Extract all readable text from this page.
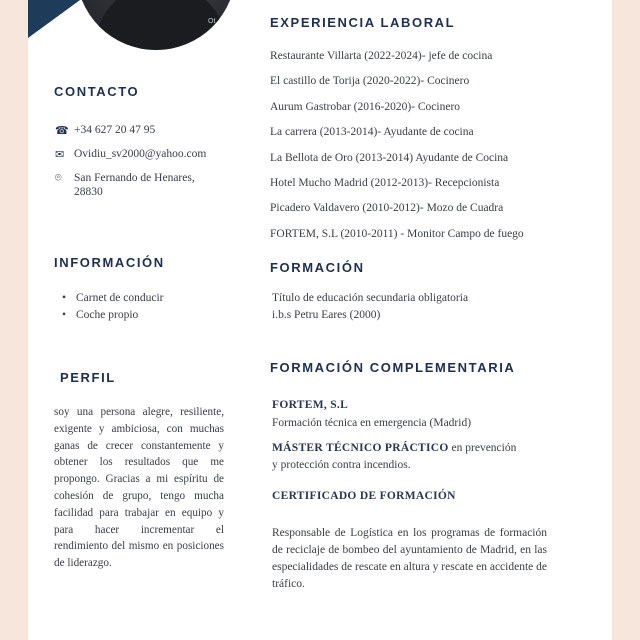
Ot
CONTACTO
☎ +34 627 20 47 95
✉ Ovidiu_sv2000@yahoo.com
⌾	San Fernando de Henares,
28830
INFORMACIÓN
• Carnet de conducir
• Coche propio
PERFIL

soy una persona alegre, resiliente, exigente y ambiciosa, con muchas ganas de crecer constantemente y obtener los resultados que me propongo. Gracias a mi espíritu de cohesión de grupo, tengo mucha facilidad para trabajar en equipo y para hacer incrementar el rendimiento del mismo en posiciones de liderazgo.

EXPERIENCIA LABORAL
Restaurante Villarta (2022-2024)- jefe de cocina
El castillo de Torija (2020-2022)- Cocinero
Aurum Gastrobar (2016-2020)- Cocinero
La carrera (2013-2014)- Ayudante de cocina
La Bellota de Oro (2013-2014) Ayudante de Cocina
Hotel Mucho Madrid (2012-2013)- Recepcionista
Picadero Valdavero (2010-2012)- Mozo de Cuadra
FORTEM, S.L (2010-2011) - Monitor Campo de fuego
FORMACIÓN
Título de educación secundaria obligatoria
i.b.s Petru Eares (2000)
FORMACIÓN COMPLEMENTARIA
FORTEM, S.L
Formación técnica en emergencia (Madrid)
MÁSTER TÉCNICO PRÁCTICO en prevención
y protección contra incendios.
CERTIFICADO DE FORMACIÓN
Responsable de Logística en los programas de formación de reciclaje de bombeo del ayuntamiento de Madrid, en las especialidades de rescate en altura y rescate en accidente de tráfico.
